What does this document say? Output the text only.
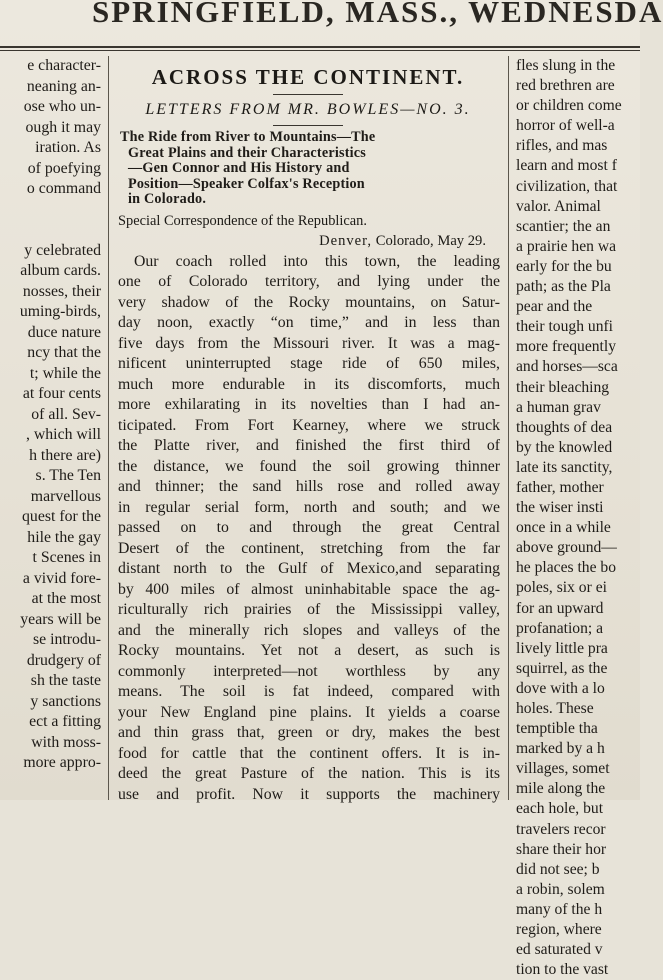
SPRINGFIELD, MASS., WEDNESDA
e character-
neaning an-
ose who un-
ough it may
iration. As
of poefying
o command

y celebrated
album cards.
nosses, their
uming-birds,
duce nature
ncy that the
t; while the
at four cents
of all. Sev-
, which will
h there are)
s. The Ten
marvellous
quest for the
hile the gay
t Scenes in
a vivid fore-
at the most
years will be
se introdu-
drudgery of
sh the taste
y sanctions
ect a fitting
with moss-
more appro-
ACROSS THE CONTINENT.
LETTERS FROM MR. BOWLES—NO. 3.
The Ride from River to Mountains—The
Great Plains and their Characteristics
—Gen Connor and His History and
Position—Speaker Colfax's Reception
in Colorado.
Special Correspondence of the Republican.
Denver, Colorado, May 29.
Our coach rolled into this town, the leading
one of Colorado territory, and lying under the
very shadow of the Rocky mountains, on Satur-
day noon, exactly “on time,” and in less than
five days from the Missouri river. It was a mag-
nificent uninterrupted stage ride of 650 miles,
much more endurable in its discomforts, much
more exhilarating in its novelties than I had an-
ticipated. From Fort Kearney, where we struck
the Platte river, and finished the first third of
the distance, we found the soil growing thinner
and thinner; the sand hills rose and rolled away
in regular serial form, north and south; and we
passed on to and through the great Central
Desert of the continent, stretching from the far
distant north to the Gulf of Mexico,and separating
by 400 miles of almost uninhabitable space the ag-
riculturally rich prairies of the Mississippi valley,
and the minerally rich slopes and valleys of the
Rocky mountains. Yet not a desert, as such is
commonly interpreted—not worthless by any
means. The soil is fat indeed, compared with
your New England pine plains. It yields a coarse
and thin grass that, green or dry, makes the best
food for cattle that the continent offers. It is in-
deed the great Pasture of the nation. This is its
use and profit. Now it supports the machinery
fles slung in the
red brethren are
or children come
horror of well-a
rifles, and mas
learn and most f
civilization, that
valor. Animal
scantier; the an
a prairie hen wa
early for the bu
path; as the Pla
pear and the
their tough unfi
more frequently
and horses—sca
their bleaching
a human grav
thoughts of dea
by the knowled
late its sanctity,
father, mother
the wiser insti
once in a while
above ground—
he places the bo
poles, six or ei
for an upward
profanation; a
lively little pra
squirrel, as the
dove with a lo
holes. These
temptible tha
marked by a h
villages, somet
mile along the
each hole, but
travelers recor
share their hor
did not see; b
a robin, solem
many of the h
region, where
ed saturated v
tion to the vast
